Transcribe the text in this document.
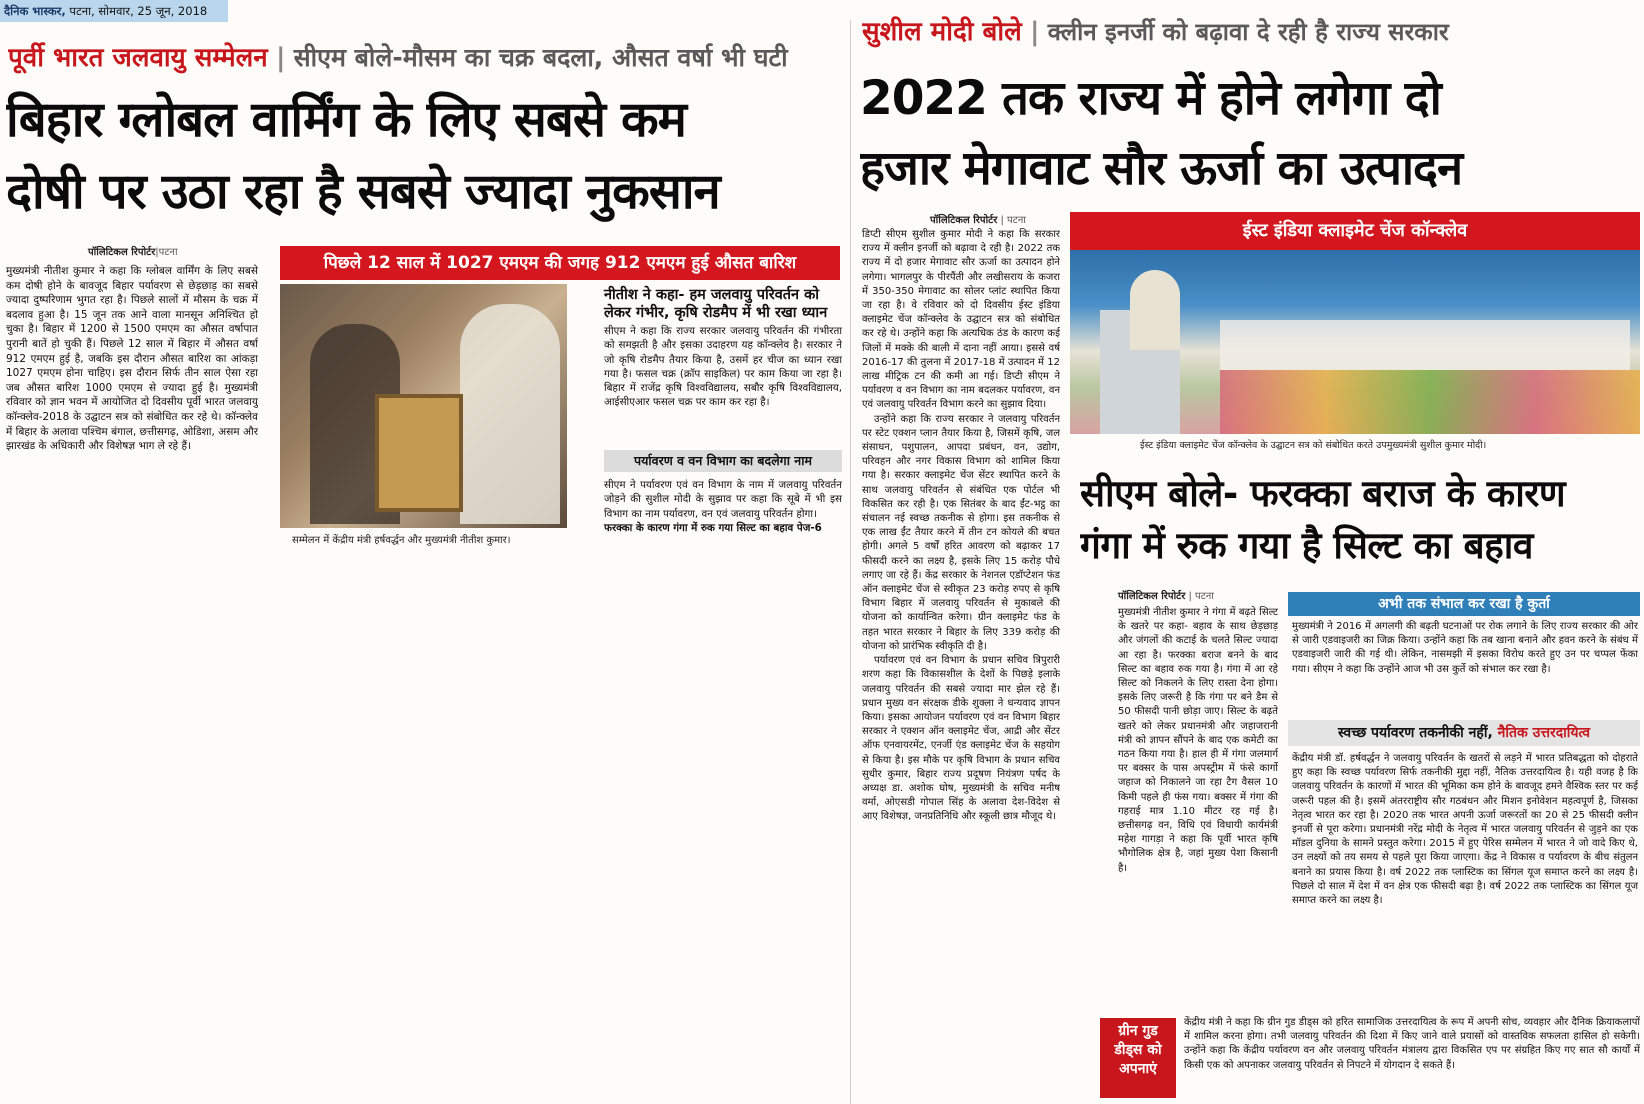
दैनिक भास्कर, पटना, सोमवार, 25 जून, 2018
पूर्वी भारत जलवायु सम्मेलन | सीएम बोले-मौसम का चक्र बदला, औसत वर्षा भी घटी
बिहार ग्लोबल वार्मिंग के लिए सबसे कम
दोषी पर उठा रहा है सबसे ज्यादा नुकसान
पॉलिटिकल रिपोर्टर|पटना

मुख्यमंत्री नीतीश कुमार ने कहा कि ग्लोबल वार्मिंग के लिए सबसे कम दोषी होने के बावजूद बिहार पर्यावरण से छेड़छाड़ का सबसे ज्यादा दुष्परिणाम भुगत रहा है। पिछले सालों में मौसम के चक्र में बदलाव हुआ है। 15 जून तक आने वाला मानसून अनिश्चित हो चुका है। बिहार में 1200 से 1500 एमएम का औसत वर्षापात पुरानी बातें हो चुकी हैं। पिछले 12 साल में बिहार में औसत वर्षा 912 एमएम हुई है, जबकि इस दौरान औसत बारिश का आंकड़ा 1027 एमएम होना चाहिए। इस दौरान सिर्फ तीन साल ऐसा रहा जब औसत बारिश 1000 एमएम से ज्यादा हुई है। मुख्यमंत्री रविवार को ज्ञान भवन में आयोजित दो दिवसीय पूर्वी भारत जलवायु कॉन्क्लेव-2018 के उद्घाटन सत्र को संबोधित कर रहे थे। कॉन्क्लेव में बिहार के अलावा पश्चिम बंगाल, छत्तीसगढ़, ओडिशा, असम और झारखंड के अधिकारी और विशेषज्ञ भाग ले रहे हैं।

पिछले 12 साल में 1027 एमएम की जगह 912 एमएम हुई औसत बारिश
सम्मेलन में केंद्रीय मंत्री हर्षवर्द्धन और मुख्यमंत्री नीतीश कुमार।
नीतीश ने कहा- हम जलवायु परिवर्तन को लेकर गंभीर, कृषि रोडमैप में भी रखा ध्यान
सीएम ने कहा कि राज्य सरकार जलवायु परिवर्तन की गंभीरता को समझती है और इसका उदाहरण यह कॉन्क्लेव है। सरकार ने जो कृषि रोडमैप तैयार किया है, उसमें हर चीज का ध्यान रखा गया है। फसल चक्र (क्रॉप साइकिल) पर काम किया जा रहा है। बिहार में राजेंद्र कृषि विश्वविद्यालय, सबौर कृषि विश्वविद्यालय, आईसीएआर फसल चक्र पर काम कर रहा है।
पर्यावरण व वन विभाग का बदलेगा नाम
सीएम ने पर्यावरण एवं वन विभाग के नाम में जलवायु परिवर्तन जोड़ने की सुशील मोदी के सुझाव पर कहा कि सूबे में भी इस विभाग का नाम पर्यावरण, वन एवं जलवायु परिवर्तन होगा।
फरक्का के कारण गंगा में रुक गया सिल्ट का बहाव पेज-6
सुशील मोदी बोले | क्लीन इनर्जी को बढ़ावा दे रही है राज्य सरकार
2022 तक राज्य में होने लगेगा दो
हजार मेगावाट सौर ऊर्जा का उत्पादन
पॉलिटिकल रिपोर्टर | पटना

डिप्टी सीएम सुशील कुमार मोदी ने कहा कि सरकार राज्य में क्लीन इनर्जी को बढ़ावा दे रही है। 2022 तक राज्य में दो हजार मेगावाट सौर ऊर्जा का उत्पादन होने लगेगा। भागलपुर के पीरपैंती और लखीसराय के कजरा में 350-350 मेगावाट का सोलर प्लांट स्थापित किया जा रहा है। वे रविवार को दो दिवसीय ईस्ट इंडिया क्लाइमेट चेंज कॉन्क्लेव के उद्घाटन सत्र को संबोधित कर रहे थे। उन्होंने कहा कि अत्यधिक ठंड के कारण कई जिलों में मक्के की बाली में दाना नहीं आया। इससे वर्ष 2016-17 की तुलना में 2017-18 में उत्पादन में 12 लाख मीट्रिक टन की कमी आ गई। डिप्टी सीएम ने पर्यावरण व वन विभाग का नाम बदलकर पर्यावरण, वन एवं जलवायु परिवर्तन विभाग करने का सुझाव दिया।

उन्होंने कहा कि राज्य सरकार ने जलवायु परिवर्तन पर स्टेट एक्शन प्लान तैयार किया है, जिसमें कृषि, जल संसाधन, पशुपालन, आपदा प्रबंधन, वन, उद्योग, परिवहन और नगर विकास विभाग को शामिल किया गया है। सरकार क्लाइमेट चेंज सेंटर स्थापित करने के साथ जलवायु परिवर्तन से संबंधित एक पोर्टल भी विकसित कर रही है। एक सितंबर के बाद ईंट-भट्ठ का संचालन नई स्वच्छ तकनीक से होगा। इस तकनीक से एक लाख ईंट तैयार करने में तीन टन कोयले की बचत होगी। अगले 5 वर्षों हरित आवरण को बढ़ाकर 17 फीसदी करने का लक्ष्य है, इसके लिए 15 करोड़ पौधे लगाए जा रहे हैं। केंद्र सरकार के नेशनल एडॉप्टेशन फंड ऑन क्लाइमेट चेंज से स्वीकृत 23 करोड़ रुपए से कृषि विभाग बिहार में जलवायु परिवर्तन से मुकाबले की योजना को कार्यान्वित करेगा। ग्रीन क्लाइमेट फंड के तहत भारत सरकार ने बिहार के लिए 339 करोड़ की योजना को प्रारंभिक स्वीकृति दी है।

पर्यावरण एवं वन विभाग के प्रधान सचिव त्रिपुरारी शरण कहा कि विकासशील के देशों के पिछड़े इलाके जलवायु परिवर्तन की सबसे ज्यादा मार झेल रहे हैं। प्रधान मुख्य वन संरक्षक डीके शुक्ला ने धन्यवाद ज्ञापन किया। इसका आयोजन पर्यावरण एवं वन विभाग बिहार सरकार ने एक्शन ऑन क्लाइमेट चेंज, आद्री और सेंटर ऑफ एनवायरमेंट, एनर्जी एंड क्लाइमेट चेंज के सहयोग से किया है। इस मौके पर कृषि विभाग के प्रधान सचिव सुधीर कुमार, बिहार राज्य प्रदूषण नियंत्रण पर्षद के अध्यक्ष डा. अशोक घोष, मुख्यमंत्री के सचिव मनीष वर्मा, ओएसडी गोपाल सिंह के अलावा देश-विदेश से आए विशेषज्ञ, जनप्रतिनिधि और स्कूली छात्र मौजूद थे।

ईस्ट इंडिया क्लाइमेट चेंज कॉन्क्लेव
ईस्ट इंडिया क्लाइमेट चेंज कॉन्क्लेव के उद्घाटन सत्र को संबोधित करते उपमुख्यमंत्री सुशील कुमार मोदी।
सीएम बोले- फरक्का बराज के कारण
गंगा में रुक गया है सिल्ट का बहाव
पॉलिटिकल रिपोर्टर | पटना

मुख्यमंत्री नीतीश कुमार ने गंगा में बढ़ते सिल्ट के खतरे पर कहा- बहाव के साथ छेड़छाड़ और जंगलों की कटाई के चलते सिल्ट ज्यादा आ रहा है। फरक्का बराज बनने के बाद सिल्ट का बहाव रुक गया है। गंगा में आ रहे सिल्ट को निकलने के लिए रास्ता देना होगा। इसके लिए जरूरी है कि गंगा पर बने डैम से 50 फीसदी पानी छोड़ा जाए। सिल्ट के बढ़ते खतरे को लेकर प्रधानमंत्री और जहाजरानी मंत्री को ज्ञापन सौंपने के बाद एक कमेटी का गठन किया गया है। हाल ही में गंगा जलमार्ग पर बक्सर के पास अपस्ट्रीम में फंसे कार्गो जहाज को निकालने जा रहा टैग वैसल 10 किमी पहले ही फंस गया। बक्सर में गंगा की गहराई मात्र 1.10 मीटर रह गई है। छत्तीसगढ़ वन, विधि एवं विधायी कार्यमंत्री महेश गागड़ा ने कहा कि पूर्वी भारत कृषि भौगोलिक क्षेत्र है, जहां मुख्य पेशा किसानी है।

अभी तक संभाल कर रखा है कुर्ता
मुख्यमंत्री ने 2016 में अगलगी की बढ़ती घटनाओं पर रोक लगाने के लिए राज्य सरकार की ओर से जारी एडवाइजरी का जिक्र किया। उन्होंने कहा कि तब खाना बनाने और हवन करने के संबंध में एडवाइजरी जारी की गई थी। लेकिन, नासमझी में इसका विरोध करते हुए उन पर चप्पल फेंका गया। सीएम ने कहा कि उन्होंने आज भी उस कुर्ते को संभाल कर रखा है।
स्वच्छ पर्यावरण तकनीकी नहीं, नैतिक उत्तरदायित्व
केंद्रीय मंत्री डॉ. हर्षवर्द्धन ने जलवायु परिवर्तन के खतरों से लड़ने में भारत प्रतिबद्धता को दोहराते हुए कहा कि स्वच्छ पर्यावरण सिर्फ तकनीकी मुद्दा नहीं, नैतिक उत्तरदायित्व है। यही वजह है कि जलवायु परिवर्तन के कारणों में भारत की भूमिका कम होने के बावजूद हमने वैश्विक स्तर पर कई जरूरी पहल की है। इसमें अंतरराष्ट्रीय सौर गठबंधन और मिशन इनोवेशन महत्वपूर्ण है, जिसका नेतृत्व भारत कर रहा है। 2020 तक भारत अपनी ऊर्जा जरूरतों का 20 से 25 फीसदी क्लीन इनर्जी से पूरा करेगा। प्रधानमंत्री नरेंद्र मोदी के नेतृत्व में भारत जलवायु परिवर्तन से जुड़ने का एक मॉडल दुनिया के सामने प्रस्तुत करेगा। 2015 में हुए पेरिस सम्मेलन में भारत ने जो वादे किए थे, उन लक्ष्यों को तय समय से पहले पूरा किया जाएगा। केंद्र ने विकास व पर्यावरण के बीच संतुलन बनाने का प्रयास किया है। वर्ष 2022 तक प्लास्टिक का सिंगल यूज समाप्त करने का लक्ष्य है। पिछले दो साल में देश में वन क्षेत्र एक फीसदी बढ़ा है। वर्ष 2022 तक प्लास्टिक का सिंगल यूज समाप्त करने का लक्ष्य है।
ग्रीन गुड
डीड्स को
अपनाएं
केंद्रीय मंत्री ने कहा कि ग्रीन गुड डीड्स को हरित सामाजिक उत्तरदायित्व के रूप में अपनी सोच, व्यवहार और दैनिक क्रियाकलापों में शामिल करना होगा। तभी जलवायु परिवर्तन की दिशा में किए जाने वाले प्रयासों को वास्तविक सफलता हासिल हो सकेगी। उन्होंने कहा कि केंद्रीय पर्यावरण वन और जलवायु परिवर्तन मंत्रालय द्वारा विकसित एप पर संग्रहित किए गए सात सौ कार्यों में किसी एक को अपनाकर जलवायु परिवर्तन से निपटने में योगदान दे सकते हैं।
